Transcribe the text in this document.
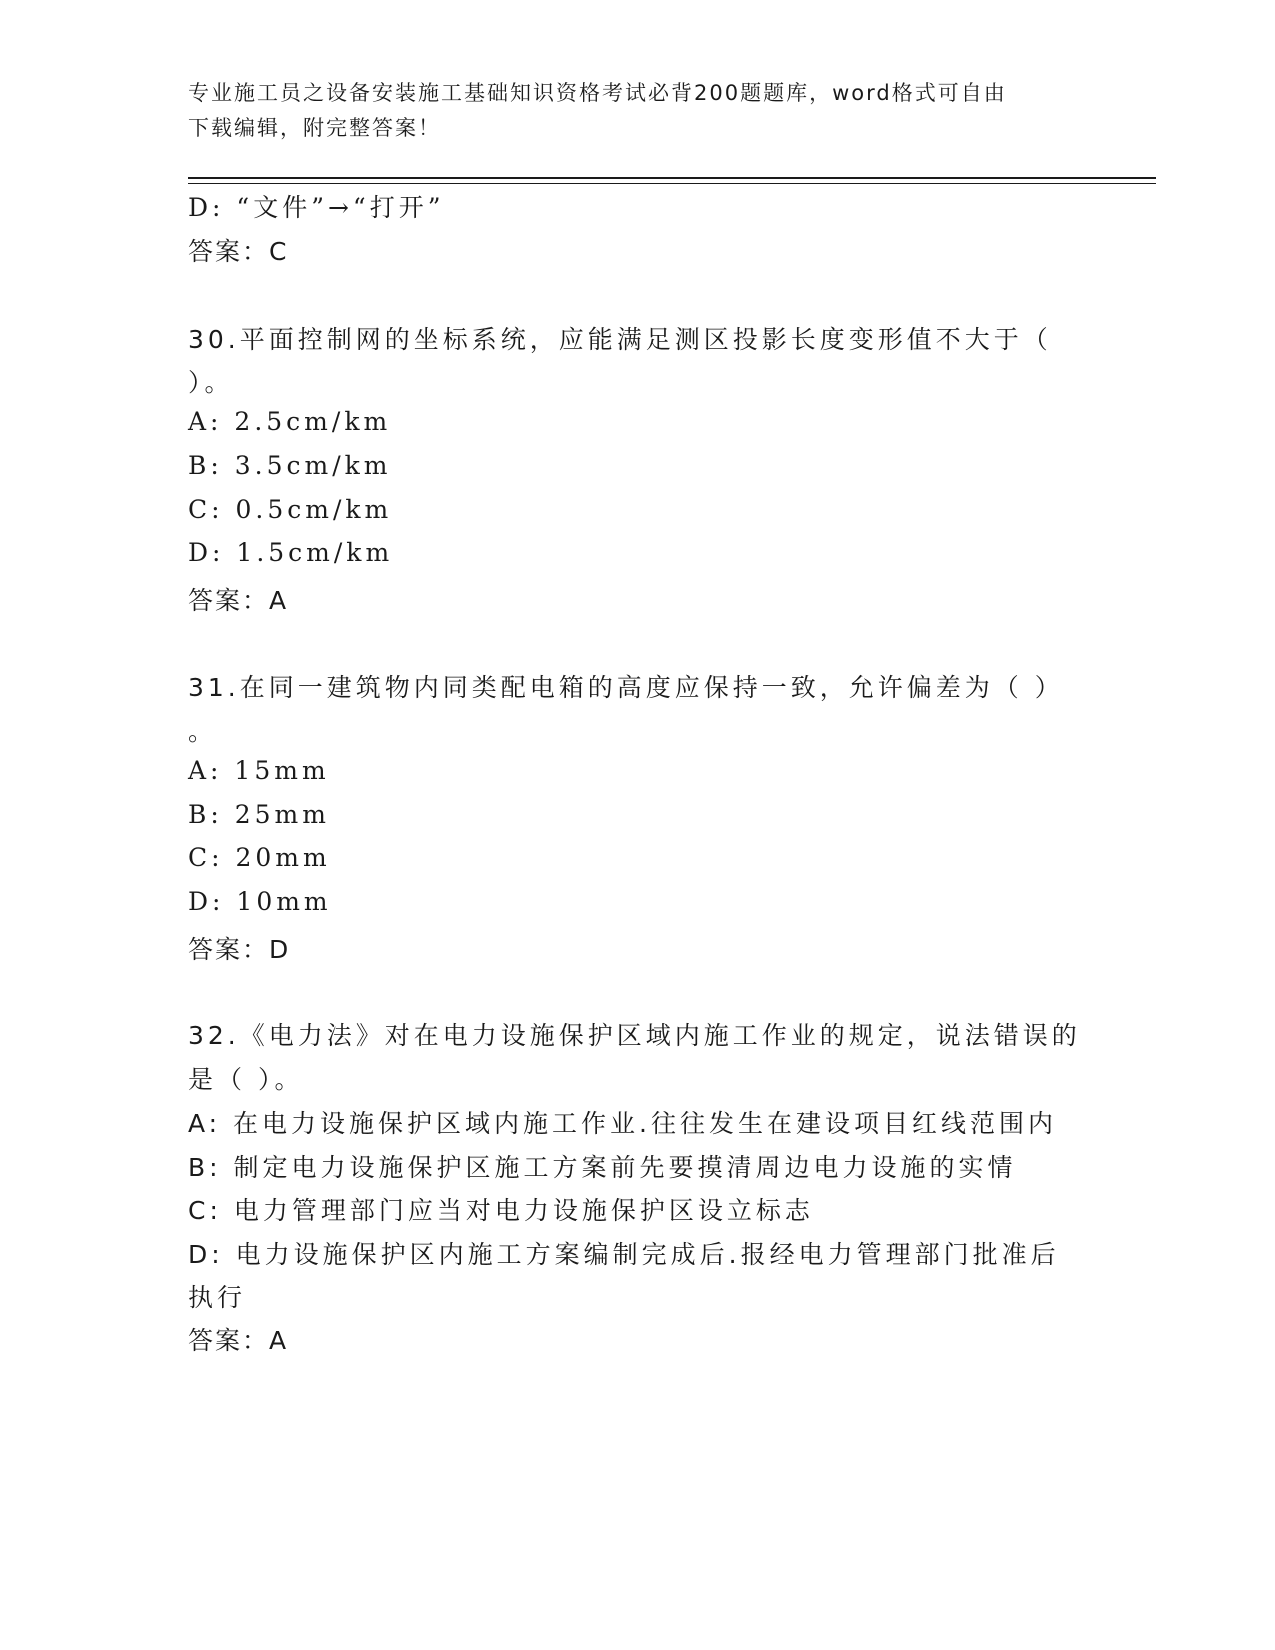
专业施工员之设备安装施工基础知识资格考试必背200题题库，word格式可自由
下载编辑，附完整答案！
D: “文件”→“打开”
答案：C
30.平面控制网的坐标系统，应能满足测区投影长度变形值不大于（
）。
A: 2.5cm/km
B: 3.5cm/km
C: 0.5cm/km
D: 1.5cm/km
答案：A
31.在同一建筑物内同类配电箱的高度应保持一致，允许偏差为（ ）
。
A: 15mm
B: 25mm
C: 20mm
D: 10mm
答案：D
32.《电力法》对在电力设施保护区域内施工作业的规定，说法错误的
是（ ）。
A: 在电力设施保护区域内施工作业.往往发生在建设项目红线范围内
B: 制定电力设施保护区施工方案前先要摸清周边电力设施的实情
C: 电力管理部门应当对电力设施保护区设立标志
D: 电力设施保护区内施工方案编制完成后.报经电力管理部门批准后
执行
答案：A
